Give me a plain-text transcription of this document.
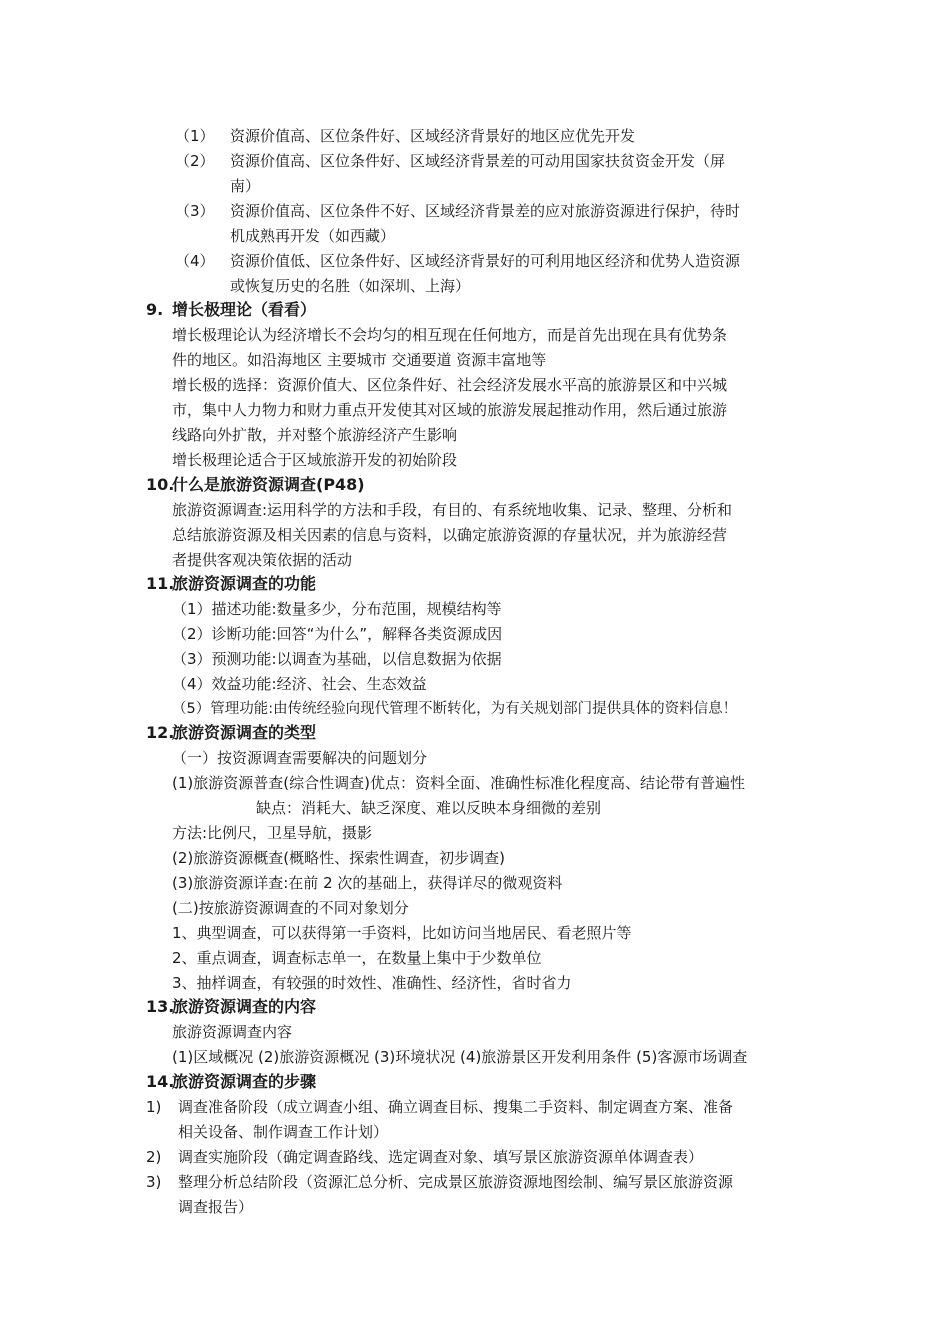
（1） 资源价值高、区位条件好、区域经济背景好的地区应优先开发
（2） 资源价值高、区位条件好、区域经济背景差的可动用国家扶贫资金开发（屏
南）
（3） 资源价值高、区位条件不好、区域经济背景差的应对旅游资源进行保护，待时
机成熟再开发（如西藏）
（4） 资源价值低、区位条件好、区域经济背景好的可利用地区经济和优势人造资源
或恢复历史的名胜（如深圳、上海）
9. 增长极理论（看看）
增长极理论认为经济增长不会均匀的相互现在任何地方，而是首先出现在具有优势条
件的地区。如沿海地区 主要城市 交通要道 资源丰富地等
增长极的选择：资源价值大、区位条件好、社会经济发展水平高的旅游景区和中兴城
市，集中人力物力和财力重点开发使其对区域的旅游发展起推动作用，然后通过旅游
线路向外扩散，并对整个旅游经济产生影响
增长极理论适合于区域旅游开发的初始阶段
10.
什么是旅游资源调查(P48)
旅游资源调查:运用科学的方法和手段，有目的、有系统地收集、记录、整理、分析和
总结旅游资源及相关因素的信息与资料，以确定旅游资源的存量状况，并为旅游经营
者提供客观决策依据的活动
11.
旅游资源调查的功能
（1）描述功能:数量多少，分布范围，规模结构等
（2）诊断功能:回答“为什么”，解释各类资源成因
（3）预测功能:以调查为基础，以信息数据为依据
（4）效益功能:经济、社会、生态效益
（5）管理功能:由传统经验向现代管理不断转化，为有关规划部门提供具体的资料信息！
12.
旅游资源调查的类型
（一）按资源调查需要解决的问题划分
(1)旅游资源普查(综合性调查)优点：资料全面、准确性标准化程度高、结论带有普遍性
缺点：消耗大、缺乏深度、难以反映本身细微的差别
方法:比例尺，卫星导航，摄影
(2)旅游资源概查(概略性、探索性调查，初步调查)
(3)旅游资源详查:在前 2 次的基础上，获得详尽的微观资料
(二)按旅游资源调查的不同对象划分
1、典型调查，可以获得第一手资料，比如访问当地居民、看老照片等
2、重点调查，调查标志单一，在数量上集中于少数单位
3、抽样调查，有较强的时效性、准确性、经济性，省时省力
13.
旅游资源调查的内容
旅游资源调查内容
(1)区域概况 (2)旅游资源概况 (3)环境状况 (4)旅游景区开发利用条件 (5)客源市场调查
14.
旅游资源调查的步骤
1) 调查准备阶段（成立调查小组、确立调查目标、搜集二手资料、制定调查方案、准备
相关设备、制作调查工作计划）
2) 调查实施阶段（确定调查路线、选定调查对象、填写景区旅游资源单体调查表）
3) 整理分析总结阶段（资源汇总分析、完成景区旅游资源地图绘制、编写景区旅游资源
调查报告）
